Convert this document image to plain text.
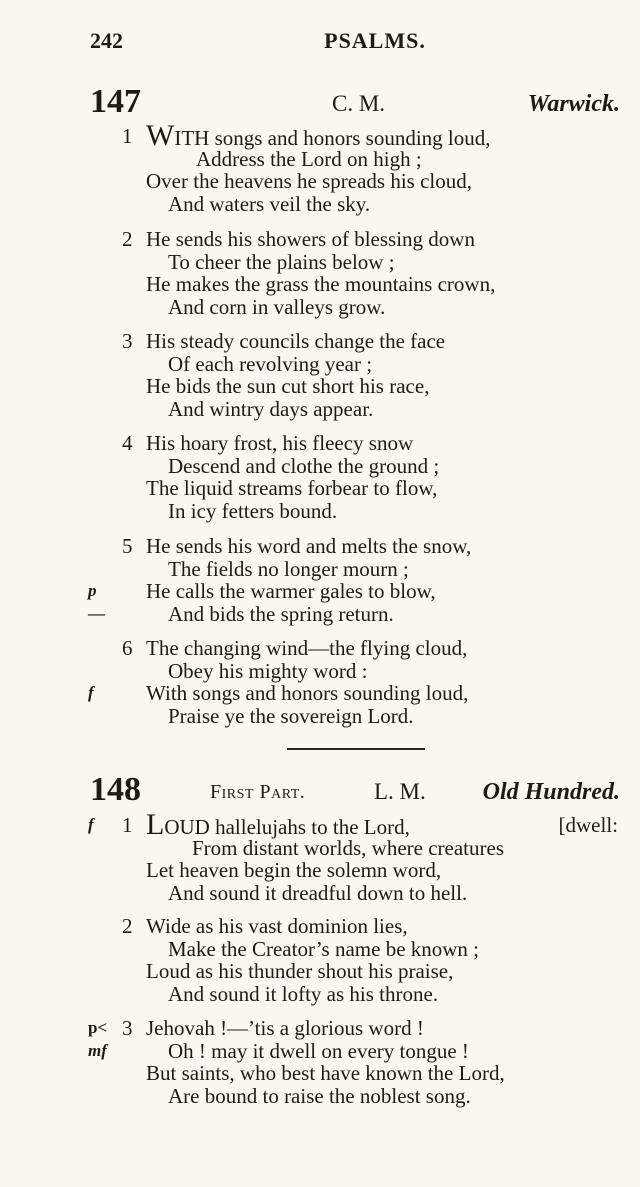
242	PSALMS.
147	C. M.	Warwick.
1 WITH songs and honors sounding loud,
Address the Lord on high ;
Over the heavens he spreads his cloud,
And waters veil the sky.
2 He sends his showers of blessing down
To cheer the plains below ;
He makes the grass the mountains crown,
And corn in valleys grow.
3 His steady councils change the face
Of each revolving year ;
He bids the sun cut short his race,
And wintry days appear.
4 His hoary frost, his fleecy snow
Descend and clothe the ground ;
The liquid streams forbear to flow,
In icy fetters bound.
5 He sends his word and melts the snow,
The fields no longer mourn ;
p He calls the warmer gales to blow,
—	And bids the spring return.
6 The changing wind—the flying cloud,
Obey his mighty word :
f With songs and honors sounding loud,
Praise ye the sovereign Lord.
148	First Part.	L. M. Old Hundred.
f 1 LOUD hallelujahs to the Lord,	[dwell:
From distant worlds, where creatures
Let heaven begin the solemn word,
And sound it dreadful down to hell.
2 Wide as his vast dominion lies,
Make the Creator’s name be known ;
Loud as his thunder shout his praise,
And sound it lofty as his throne.
p< 3 Jehovah !—’tis a glorious word !
mf	Oh ! may it dwell on every tongue !
But saints, who best have known the Lord,
Are bound to raise the noblest song.
